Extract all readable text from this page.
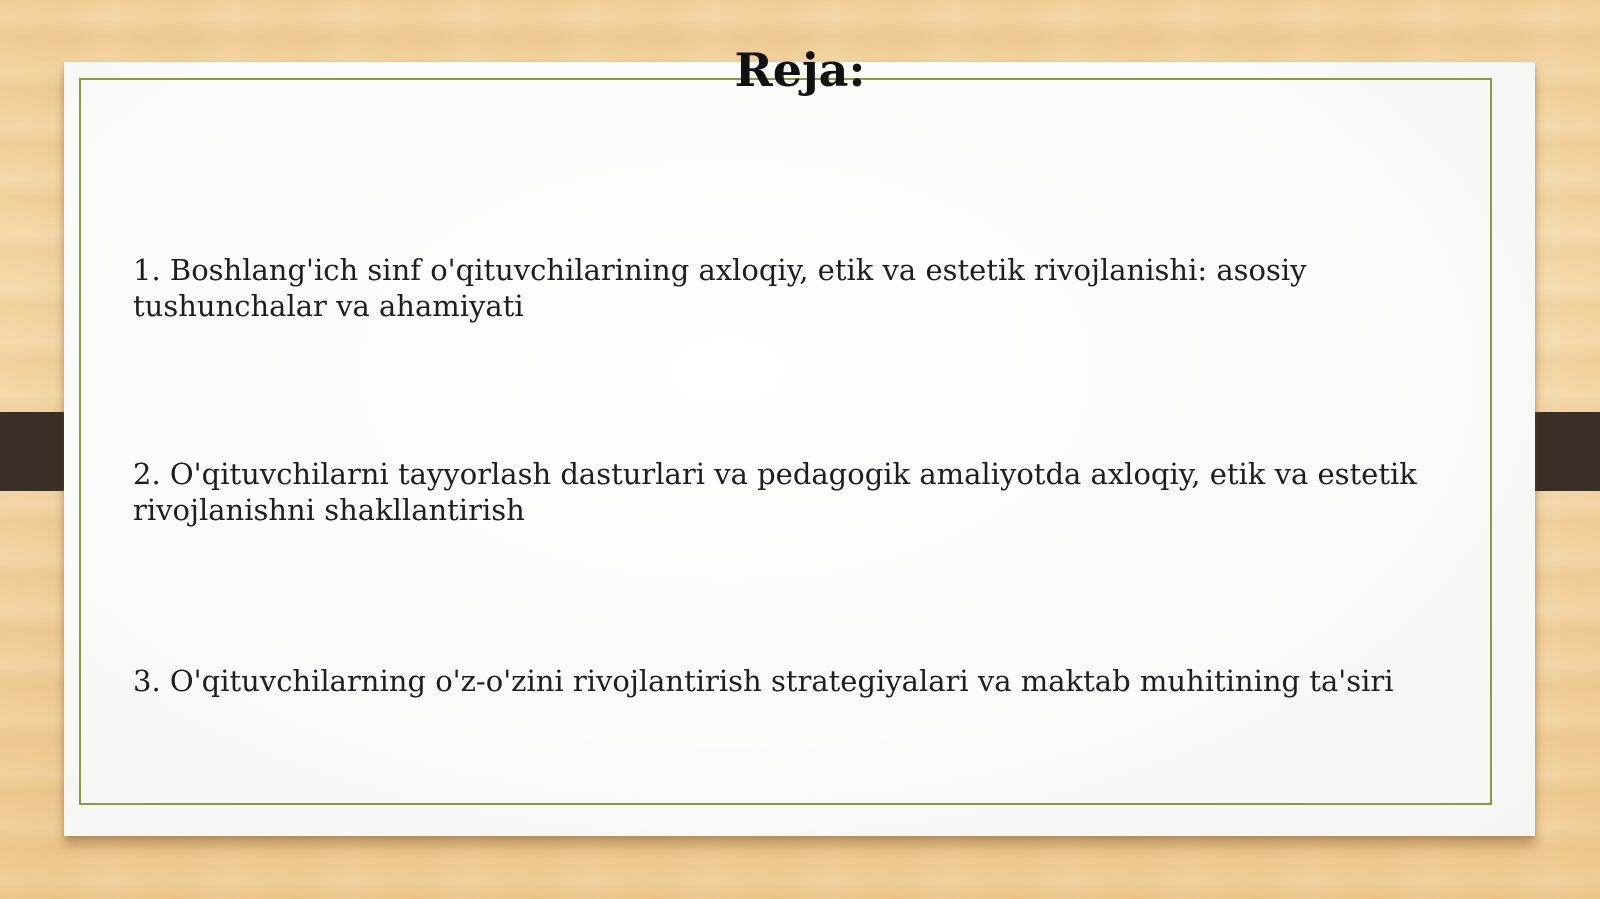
Reja:
1. Boshlang'ich sinf o'qituvchilarining axloqiy, etik va estetik rivojlanishi: asosiy tushunchalar va ahamiyati
2. O'qituvchilarni tayyorlash dasturlari va pedagogik amaliyotda axloqiy, etik va estetik rivojlanishni shakllantirish
3. O'qituvchilarning o'z-o'zini rivojlantirish strategiyalari va maktab muhitining ta'siri
